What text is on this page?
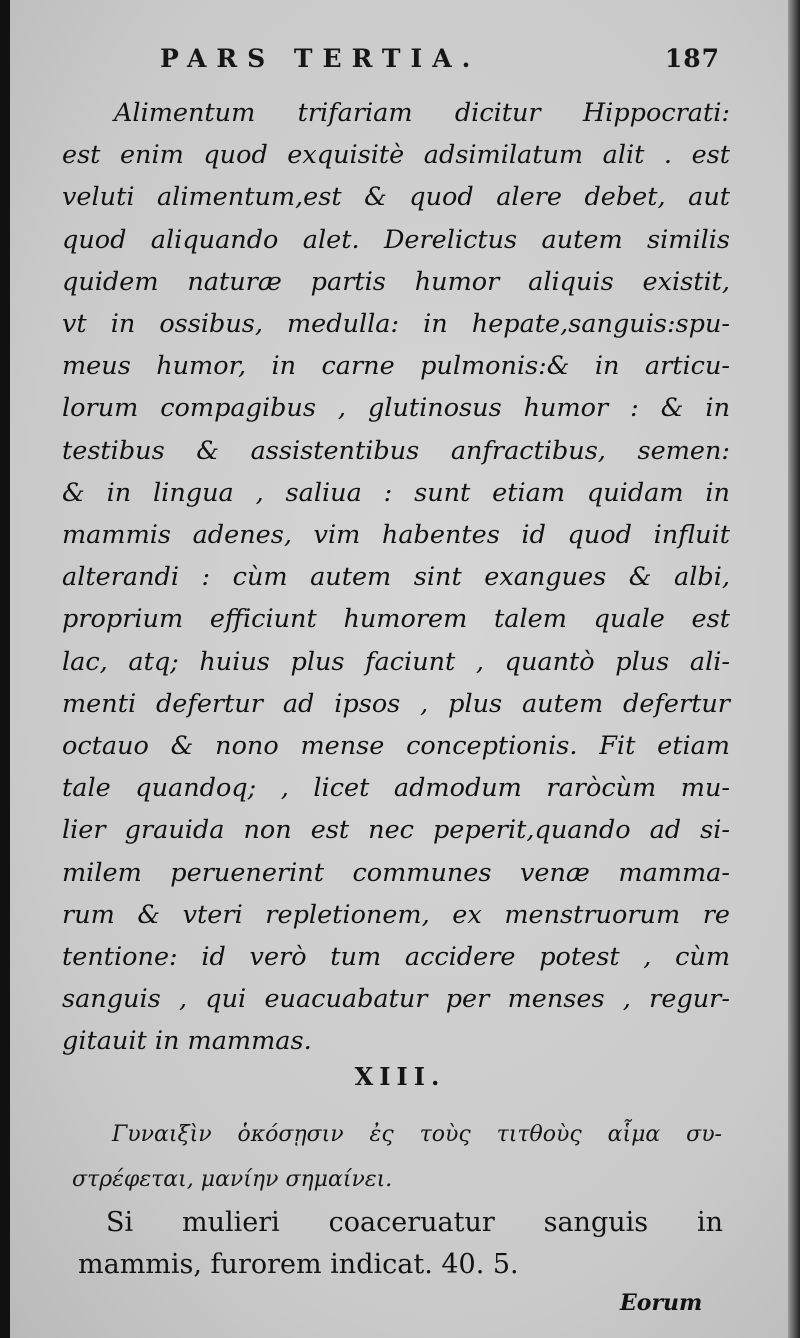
PARS TERTIA.	187
Alimentum trifariam dicitur Hippocrati:
est enim quod exquisitè adsimilatum alit . est
veluti alimentum,est & quod alere debet, aut
quod aliquando alet. Derelictus autem similis
quidem naturæ partis humor aliquis existit,
vt in ossibus, medulla: in hepate,sanguis:spu-
meus humor, in carne pulmonis:& in articu-
lorum compagibus , glutinosus humor : & in
testibus & assistentibus anfractibus, semen:
& in lingua , saliua : sunt etiam quidam in
mammis adenes, vim habentes id quod influit
alterandi : cùm autem sint exangues & albi,
proprium efficiunt humorem talem quale est
lac, atq; huius plus faciunt , quantò plus ali-
menti defertur ad ipsos , plus autem defertur
octauo & nono mense conceptionis. Fit etiam
tale quandoq; , licet admodum raròcùm mu-
lier grauida non est nec peperit,quando ad si-
milem peruenerint communes venæ mamma-
rum & vteri repletionem, ex menstruorum re
tentione: id verò tum accidere potest , cùm
sanguis , qui euacuabatur per menses , regur-
gitauit in mammas.
XIII.
Γυναιξὶν ὁκόσῃσιν ἐς τοὺς τιτθοὺς αἷμα συ-
στρέφεται, μανίην σημαίνει.
Si mulieri coaceruatur sanguis in
mammis, furorem indicat. 40. 5.
Eorum
